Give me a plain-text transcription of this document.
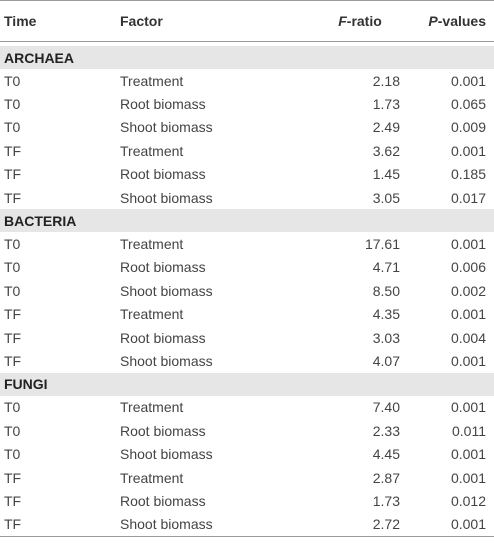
Time	Factor	F-ratio	P-values
ARCHAEA
T0	Treatment	2.18	0.001
T0	Root biomass	1.73	0.065
T0	Shoot biomass	2.49	0.009
TF	Treatment	3.62	0.001
TF	Root biomass	1.45	0.185
TF	Shoot biomass	3.05	0.017
BACTERIA
T0	Treatment	17.61	0.001
T0	Root biomass	4.71	0.006
T0	Shoot biomass	8.50	0.002
TF	Treatment	4.35	0.001
TF	Root biomass	3.03	0.004
TF	Shoot biomass	4.07	0.001
FUNGI
T0	Treatment	7.40	0.001
T0	Root biomass	2.33	0.011
T0	Shoot biomass	4.45	0.001
TF	Treatment	2.87	0.001
TF	Root biomass	1.73	0.012
TF	Shoot biomass	2.72	0.001
